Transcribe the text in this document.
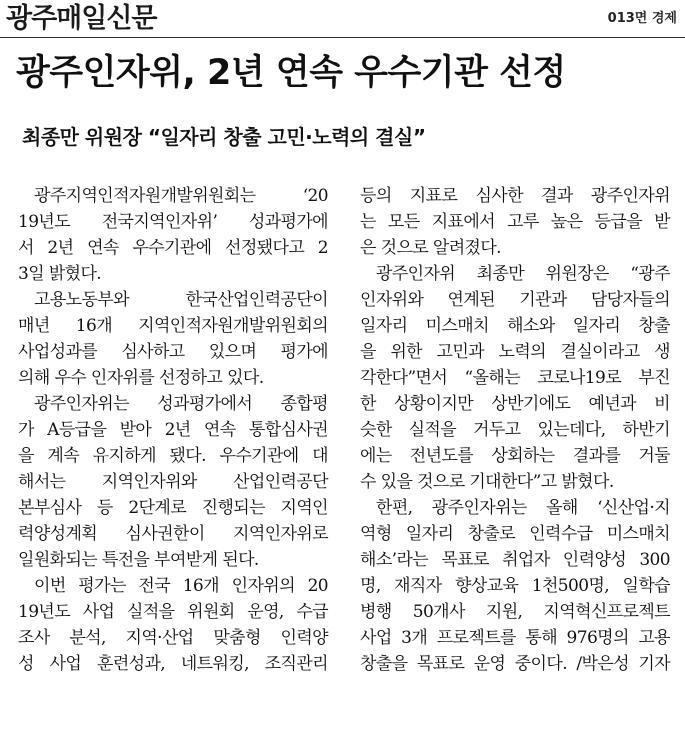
광주매일신문	013면 경제
광주인자위, 2년 연속 우수기관 선정
최종만 위원장 “일자리 창출 고민·노력의 결실”
광주지역인적자원개발위원회는 ‘20
19년도 전국지역인자위’ 성과평가에
서 2년 연속 우수기관에 선정됐다고 2
3일 밝혔다.
고용노동부와 한국산업인력공단이
매년 16개 지역인적자원개발위원회의
사업성과를 심사하고 있으며 평가에
의해 우수 인자위를 선정하고 있다.
광주인자위는 성과평가에서 종합평
가 A등급을 받아 2년 연속 통합심사권
을 계속 유지하게 됐다. 우수기관에 대
해서는 지역인자위와 산업인력공단
본부심사 등 2단계로 진행되는 지역인
력양성계획 심사권한이 지역인자위로
일원화되는 특전을 부여받게 된다.
이번 평가는 전국 16개 인자위의 20
19년도 사업 실적을 위원회 운영, 수급
조사 분석, 지역·산업 맞춤형 인력양
성 사업 훈련성과, 네트워킹, 조직관리
등의 지표로 심사한 결과 광주인자위
는 모든 지표에서 고루 높은 등급을 받
은 것으로 알려졌다.
광주인자위 최종만 위원장은 “광주
인자위와 연계된 기관과 담당자들의
일자리 미스매치 해소와 일자리 창출
을 위한 고민과 노력의 결실이라고 생
각한다”면서 “올해는 코로나19로 부진
한 상황이지만 상반기에도 예년과 비
슷한 실적을 거두고 있는데다, 하반기
에는 전년도를 상회하는 결과를 거둘
수 있을 것으로 기대한다”고 밝혔다.
한편, 광주인자위는 올해 ‘신산업·지
역형 일자리 창출로 인력수급 미스매치
해소’라는 목표로 취업자 인력양성 300
명, 재직자 향상교육 1천500명, 일학습
병행 50개사 지원, 지역혁신프로젝트
사업 3개 프로젝트를 통해 976명의 고용
창출을 목표로 운영 중이다. /박은성 기자
